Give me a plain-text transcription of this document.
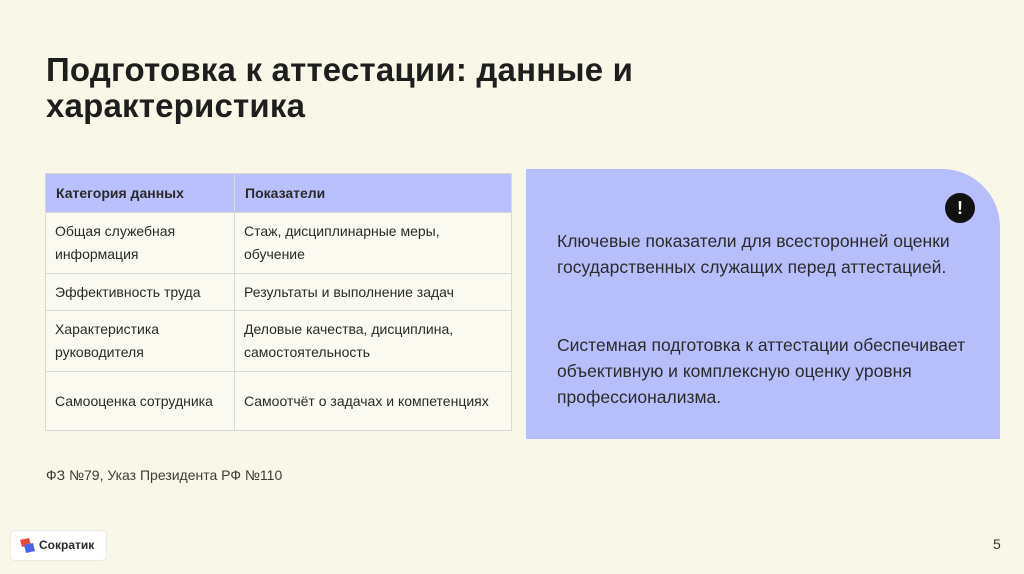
Подготовка к аттестации: данные и
характеристика
Категория данных	Показатели
Общая служебная информация	Стаж, дисциплинарные меры, обучение
Эффективность труда	Результаты и выполнение задач
Характеристика руководителя	Деловые качества, дисциплина, самостоятельность
Самооценка сотрудника	Самоотчёт о задачах и компетенциях
!
Ключевые показатели для всесторонней оценки государственных служащих перед аттестацией.
Системная подготовка к аттестации обеспечивает объективную и комплексную оценку уровня профессионализма.
ФЗ №79, Указ Президента РФ №110
Сократик	5
